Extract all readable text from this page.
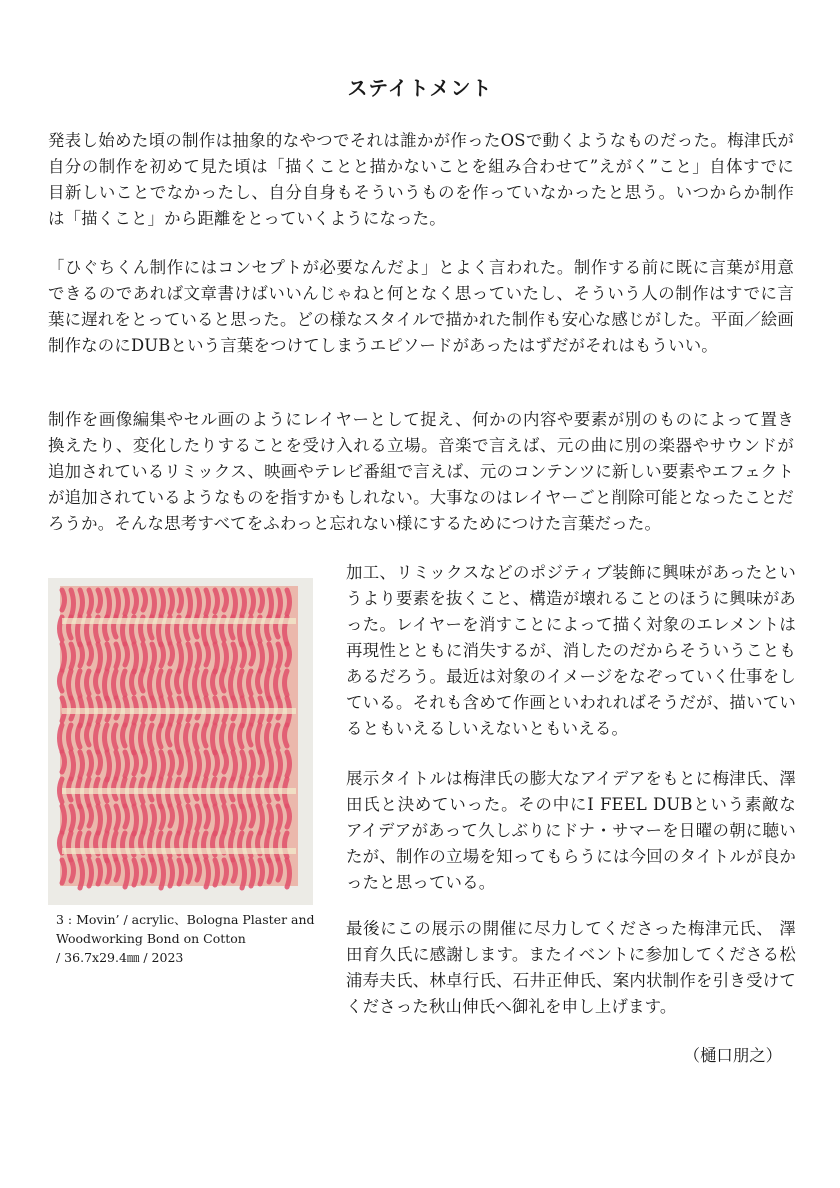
ステイトメント

発表し始めた頃の制作は抽象的なやつでそれは誰かが作ったOSで動くようなものだった。梅津氏が自分の制作を初めて見た頃は「描くことと描かないことを組み合わせて”えがく”こと」自体すでに目新しいことでなかったし、自分自身もそういうものを作っていなかったと思う。いつからか制作は「描くこと」から距離をとっていくようになった。

「ひぐちくん制作にはコンセプトが必要なんだよ」とよく言われた。制作する前に既に言葉が用意できるのであれば文章書けばいいんじゃねと何となく思っていたし、そういう人の制作はすでに言葉に遅れをとっていると思った。どの様なスタイルで描かれた制作も安心な感じがした。平面／絵画制作なのにDUBという言葉をつけてしまうエピソードがあったはずだがそれはもういい。

制作を画像編集やセル画のようにレイヤーとして捉え、何かの内容や要素が別のものによって置き換えたり、変化したりすることを受け入れる立場。音楽で言えば、元の曲に別の楽器やサウンドが追加されているリミックス、映画やテレビ番組で言えば、元のコンテンツに新しい要素やエフェクトが追加されているようなものを指すかもしれない。大事なのはレイヤーごと削除可能となったことだろうか。そんな思考すべてをふわっと忘れない様にするためにつけた言葉だった。

3 : Movin’ / acrylic、Bologna Plaster and
Woodworking Bond on Cotton
/ 36.7x29.4㎜ / 2023

加工、リミックスなどのポジティブ装飾に興味があったというより要素を抜くこと、構造が壊れることのほうに興味があった。レイヤーを消すことによって描く対象のエレメントは再現性とともに消失するが、消したのだからそういうこともあるだろう。最近は対象のイメージをなぞっていく仕事をしている。それも含めて作画といわれればそうだが、描いているともいえるしいえないともいえる。

展示タイトルは梅津氏の膨大なアイデアをもとに梅津氏、澤田氏と決めていった。その中にI FEEL DUBという素敵なアイデアがあって久しぶりにドナ・サマーを日曜の朝に聴いたが、制作の立場を知ってもらうには今回のタイトルが良かったと思っている。

最後にこの展示の開催に尽力してくださった梅津元氏、 澤田育久氏に感謝します。またイベントに参加してくださる松浦寿夫氏、林卓行氏、石井正伸氏、案内状制作を引き受けてくださった秋山伸氏へ御礼を申し上げます。

（樋口朋之）
